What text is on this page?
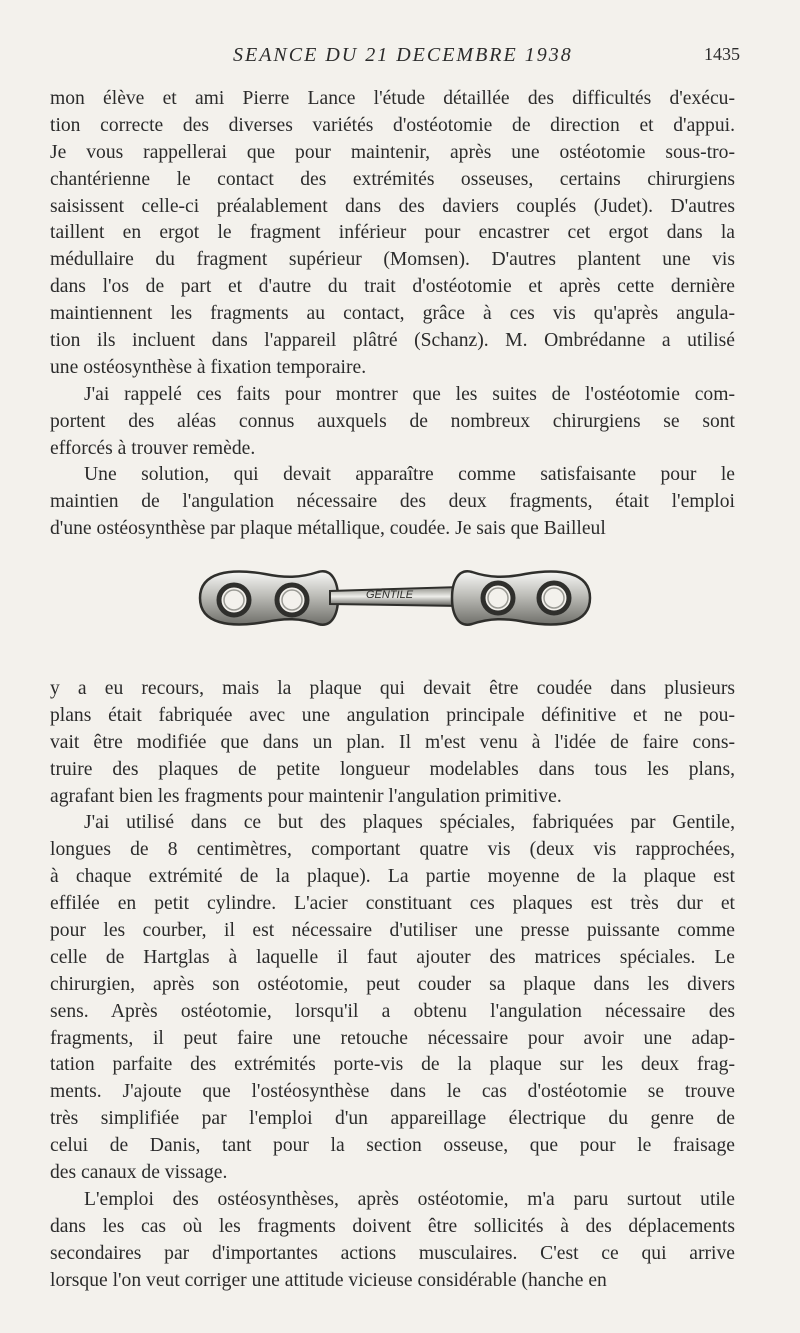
SEANCE DU 21 DECEMBRE 1938	1435

mon élève et ami Pierre Lance l'étude détaillée des difficultés d'exécu-
tion correcte des diverses variétés d'ostéotomie de direction et d'appui.
Je vous rappellerai que pour maintenir, après une ostéotomie sous-tro-
chantérienne le contact des extrémités osseuses, certains chirurgiens
saisissent celle-ci préalablement dans des daviers couplés (Judet). D'autres
taillent en ergot le fragment inférieur pour encastrer cet ergot dans la
médullaire du fragment supérieur (Momsen). D'autres plantent une vis
dans l'os de part et d'autre du trait d'ostéotomie et après cette dernière
maintiennent les fragments au contact, grâce à ces vis qu'après angula-
tion ils incluent dans l'appareil plâtré (Schanz). M. Ombrédanne a utilisé
une ostéosynthèse à fixation temporaire.

J'ai rappelé ces faits pour montrer que les suites de l'ostéotomie com-
portent des aléas connus auxquels de nombreux chirurgiens se sont
efforcés à trouver remède.

Une solution, qui devait apparaître comme satisfaisante pour le
maintien de l'angulation nécessaire des deux fragments, était l'emploi
d'une ostéosynthèse par plaque métallique, coudée. Je sais que Bailleul

GENTILE

y a eu recours, mais la plaque qui devait être coudée dans plusieurs
plans était fabriquée avec une angulation principale définitive et ne pou-
vait être modifiée que dans un plan. Il m'est venu à l'idée de faire cons-
truire des plaques de petite longueur modelables dans tous les plans,
agrafant bien les fragments pour maintenir l'angulation primitive.

J'ai utilisé dans ce but des plaques spéciales, fabriquées par Gentile,
longues de 8 centimètres, comportant quatre vis (deux vis rapprochées,
à chaque extrémité de la plaque). La partie moyenne de la plaque est
effilée en petit cylindre. L'acier constituant ces plaques est très dur et
pour les courber, il est nécessaire d'utiliser une presse puissante comme
celle de Hartglas à laquelle il faut ajouter des matrices spéciales. Le
chirurgien, après son ostéotomie, peut couder sa plaque dans les divers
sens. Après ostéotomie, lorsqu'il a obtenu l'angulation nécessaire des
fragments, il peut faire une retouche nécessaire pour avoir une adap-
tation parfaite des extrémités porte-vis de la plaque sur les deux frag-
ments. J'ajoute que l'ostéosynthèse dans le cas d'ostéotomie se trouve
très simplifiée par l'emploi d'un appareillage électrique du genre de
celui de Danis, tant pour la section osseuse, que pour le fraisage
des canaux de vissage.

L'emploi des ostéosynthèses, après ostéotomie, m'a paru surtout utile
dans les cas où les fragments doivent être sollicités à des déplacements
secondaires par d'importantes actions musculaires. C'est ce qui arrive
lorsque l'on veut corriger une attitude vicieuse considérable (hanche en
